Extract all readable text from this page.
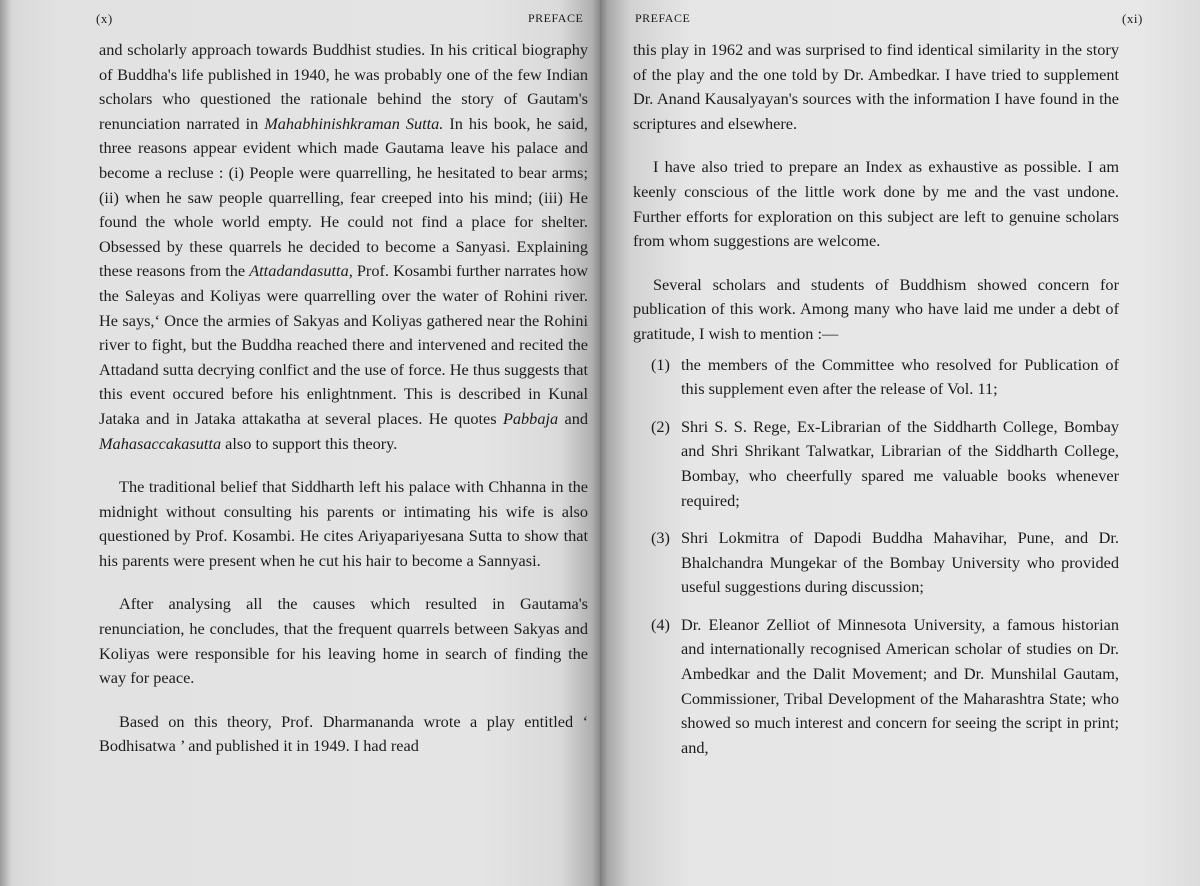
(x)	PREFACE

and scholarly approach towards Buddhist studies. In his critical biography of Buddha's life published in 1940, he was probably one of the few Indian scholars who questioned the rationale behind the story of Gautam's renunciation narrated in Mahabhinishkraman Sutta. In his book, he said, three reasons appear evident which made Gautama leave his palace and become a recluse : (i) People were quarrelling, he hesitated to bear arms; (ii) when he saw people quarrelling, fear creeped into his mind; (iii) He found the whole world empty. He could not find a place for shelter. Obsessed by these quarrels he decided to become a Sanyasi. Explaining these reasons from the Attadandasutta, Prof. Kosambi further narrates how the Saleyas and Koliyas were quarrelling over the water of Rohini river. He says,‘ Once the armies of Sakyas and Koliyas gathered near the Rohini river to fight, but the Buddha reached there and intervened and recited the Attadand sutta decrying conlfict and the use of force. He thus suggests that this event occured before his enlightnment. This is described in Kunal Jataka and in Jataka attakatha at several places. He quotes Pabbaja and Mahasaccakasutta also to support this theory.

The traditional belief that Siddharth left his palace with Chhanna in the midnight without consulting his parents or intimating his wife is also questioned by Prof. Kosambi. He cites Ariyapariyesana Sutta to show that his parents were present when he cut his hair to become a Sannyasi.

After analysing all the causes which resulted in Gautama's renunciation, he concludes, that the frequent quarrels between Sakyas and Koliyas were responsible for his leaving home in search of finding the way for peace.

Based on this theory, Prof. Dharmananda wrote a play entitled ‘ Bodhisatwa ’ and published it in 1949. I had read

PREFACE	(xi)

this play in 1962 and was surprised to find identical similarity in the story of the play and the one told by Dr. Ambedkar. I have tried to supplement Dr. Anand Kausalyayan's sources with the information I have found in the scriptures and elsewhere.

I have also tried to prepare an Index as exhaustive as possible. I am keenly conscious of the little work done by me and the vast undone. Further efforts for exploration on this subject are left to genuine scholars from whom suggestions are welcome.

Several scholars and students of Buddhism showed concern for publication of this work. Among many who have laid me under a debt of gratitude, I wish to mention :—

(1) the members of the Committee who resolved for Publication of this supplement even after the release of Vol. 11;
(2) Shri S. S. Rege, Ex-Librarian of the Siddharth College, Bombay and Shri Shrikant Talwatkar, Librarian of the Siddharth College, Bombay, who cheerfully spared me valuable books whenever required;
(3) Shri Lokmitra of Dapodi Buddha Mahavihar, Pune, and Dr. Bhalchandra Mungekar of the Bombay University who provided useful suggestions during discussion;
(4) Dr. Eleanor Zelliot of Minnesota University, a famous historian and internationally recognised American scholar of studies on Dr. Ambedkar and the Dalit Movement; and Dr. Munshilal Gautam, Commissioner, Tribal Development of the Maharashtra State; who showed so much interest and concern for seeing the script in print; and,
